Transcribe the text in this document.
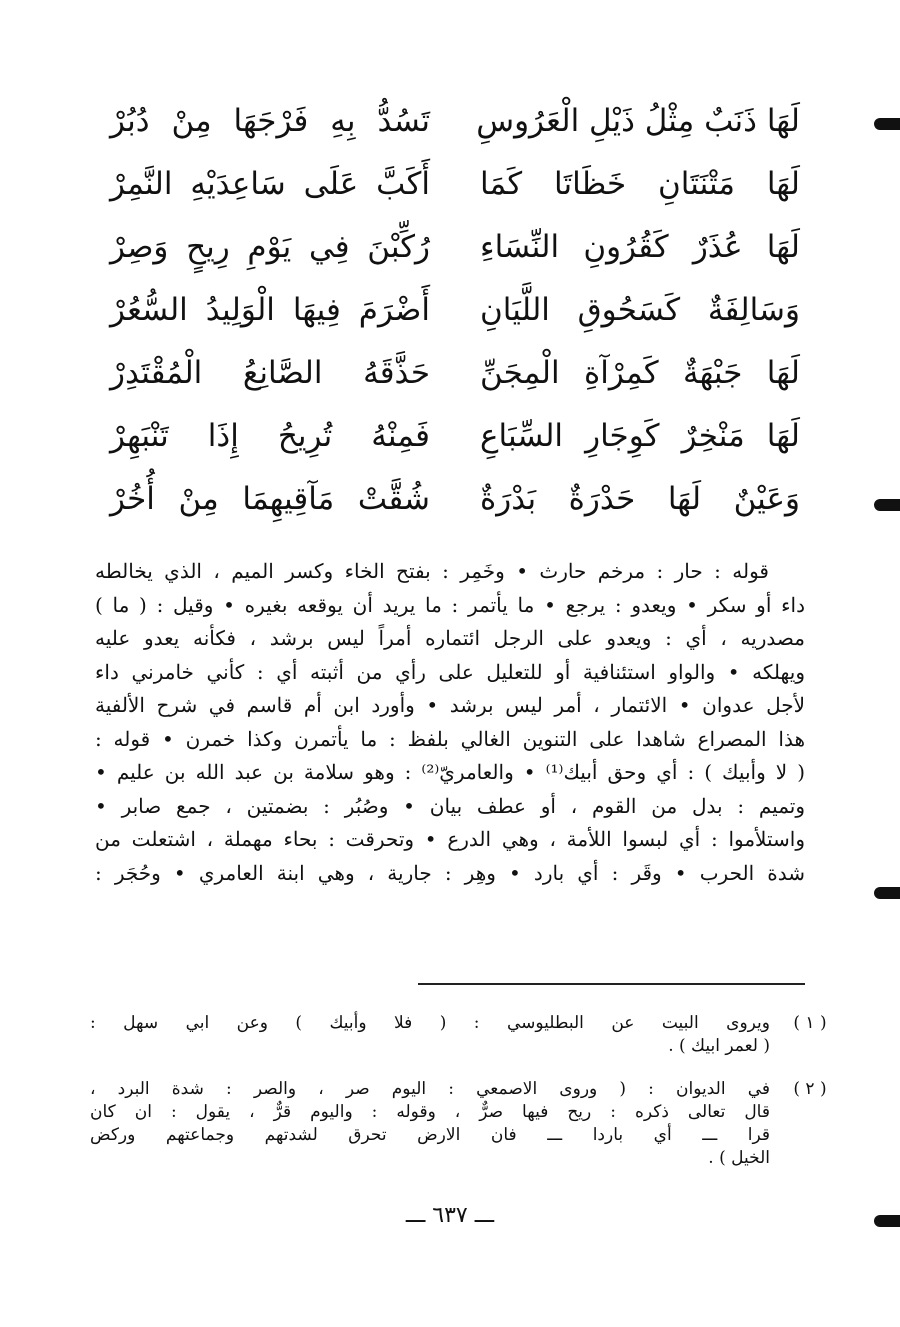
لَهَا ذَنَبٌ مِثْلُ ذَيْلِ الْعَرُوسِ
تَسُدُّ بِهِ فَرْجَهَا مِنْ دُبُرْ
لَهَا مَتْنَتَانِ خَظَاتَا كَمَا
أَكَبَّ عَلَى سَاعِدَيْهِ النَّمِرْ
لَهَا عُذَرٌ كَقُرُونِ النِّسَاءِ
رُكِّبْنَ فِي يَوْمِ رِيحٍ وَصِرْ
وَسَالِفَةٌ كَسَحُوقِ اللَّيَانِ
أَضْرَمَ فِيهَا الْوَلِيدُ السُّعُرْ
لَهَا جَبْهَةٌ كَمِرْآةِ الْمِجَنِّ
حَذَّقَهُ الصَّانِعُ الْمُقْتَدِرْ
لَهَا مَنْخِرٌ كَوِجَارِ السِّبَاعِ
فَمِنْهُ تُرِيحُ إِذَا تَنْبَهِرْ
وَعَيْنٌ لَهَا حَدْرَةٌ بَدْرَةٌ
شُقَّتْ مَآقِيهِمَا مِنْ أُخُرْ

قوله : حار : مرخم حارث • وخَمِر : بفتح الخاء وكسر الميم ، الذي يخالطه

داء أو سكر • ويعدو : يرجع • ما يأتمر : ما يريد أن يوقعه بغيره • وقيل : ( ما )

مصدريه ، أي : ويعدو على الرجل ائتماره أمراً ليس برشد ، فكأنه يعدو عليه

ويهلكه • والواو استئنافية أو للتعليل على رأي من أثبته أي : كأني خامرني داء

لأجل عدوان • الائتمار ، أمر ليس برشد • وأورد ابن أم قاسم في شرح الألفية

هذا المصراع شاهدا على التنوين الغالي بلفظ : ما يأتمرن وكذا خمرن • قوله :

( لا وأبيك ) : أي وحق أبيك⁽¹⁾ • والعامريّ⁽²⁾ : وهو سلامة بن عبد الله بن عليم •

وتميم : بدل من القوم ، أو عطف بيان • وصُبُر : بضمتين ، جمع صابر •

واستلأموا : أي لبسوا اللأمة ، وهي الدرع • وتحرقت : بحاء مهملة ، اشتعلت من

شدة الحرب • وقَر : أي بارد • وهِر : جارية ، وهي ابنة العامري • وحُجَر :

( ١ )
ويروى البيت عن البطليوسي : ( فلا وأبيك ) وعن ابي سهل :
( لعمر ابيك ) .
( ٢ )
في الديوان : ( وروى الاصمعي : اليوم صر ، والصر : شدة البرد ،
قال تعالى ذكره : ريح فيها صرٌّ ، وقوله : واليوم قرٌّ ، يقول : ان كان
قرا ـــ أي باردا ـــ فان الارض تحرق لشدتهم وجماعتهم وركض
الخيل ) .
ـــ ٦٣٧ ـــ
